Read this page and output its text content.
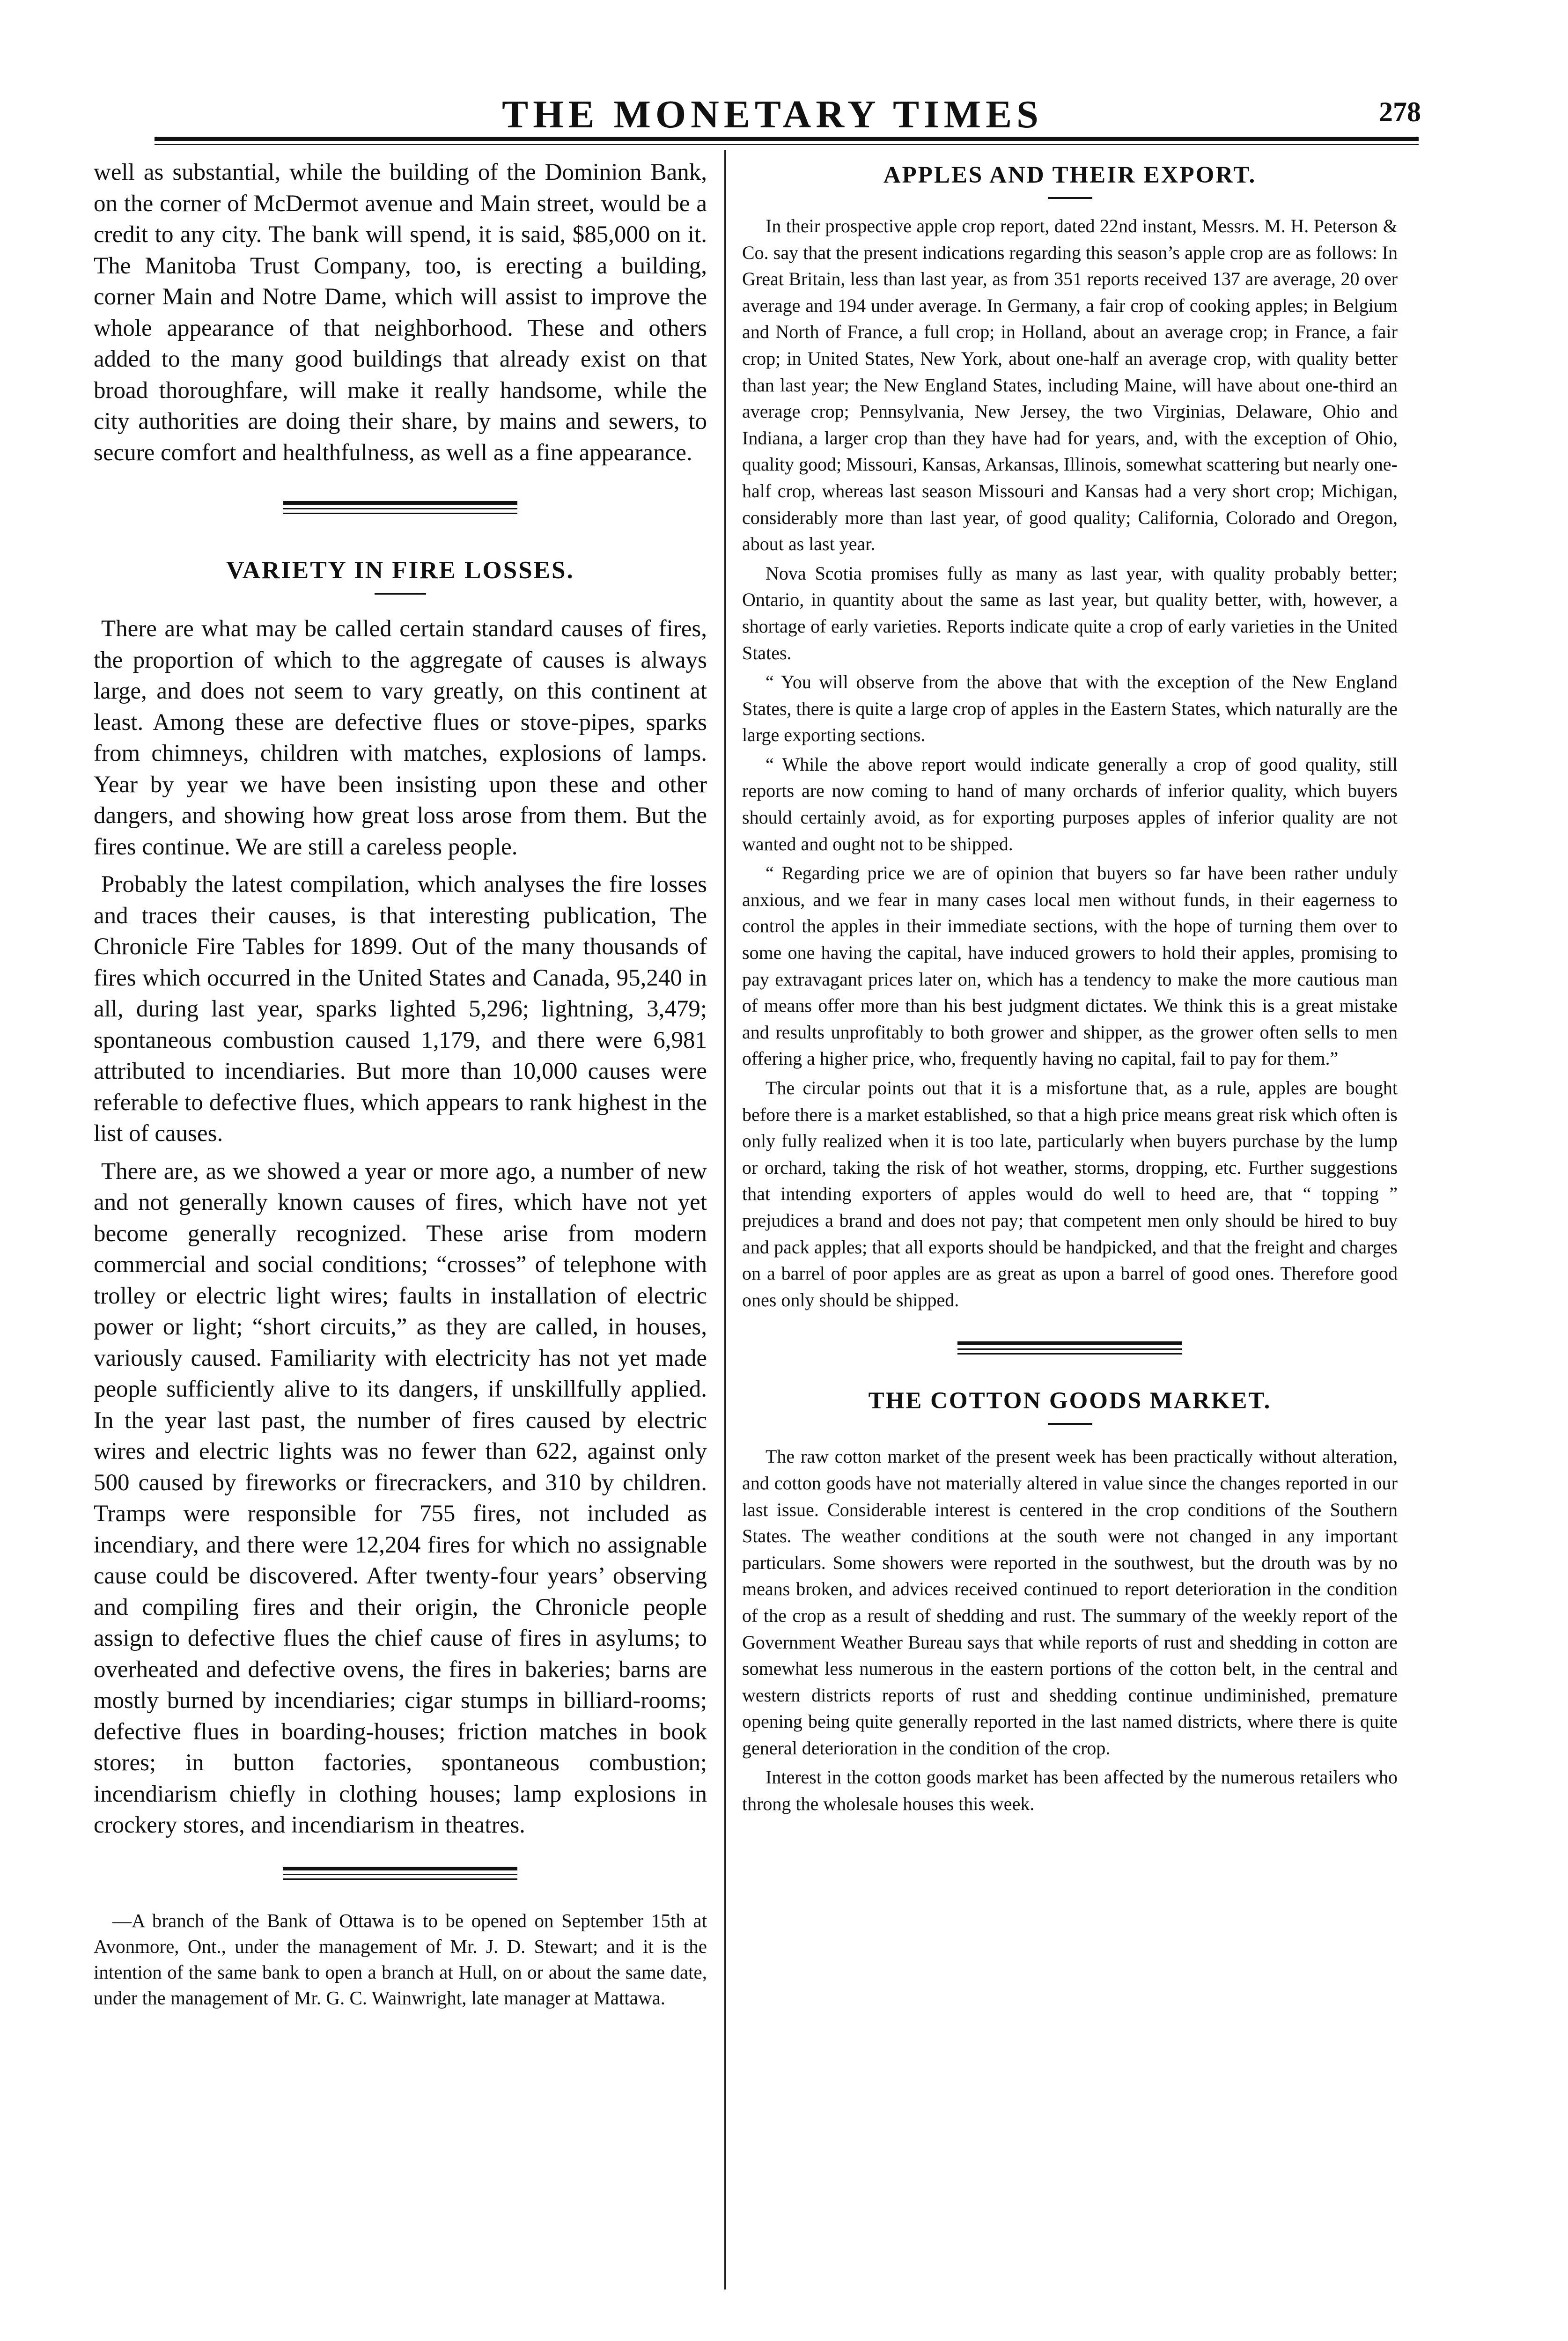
THE MONETARY TIMES	278

well as substantial, while the building of the Dominion Bank, on the corner of McDermot avenue and Main street, would be a credit to any city. The bank will spend, it is said, $85,000 on it. The Manitoba Trust Company, too, is erecting a building, corner Main and Notre Dame, which will assist to improve the whole appearance of that neighborhood. These and others added to the many good buildings that already exist on that broad thoroughfare, will make it really handsome, while the city authorities are doing their share, by mains and sewers, to secure comfort and healthfulness, as well as a fine appearance.

VARIETY IN FIRE LOSSES.

There are what may be called certain standard causes of fires, the proportion of which to the aggregate of causes is always large, and does not seem to vary greatly, on this continent at least. Among these are defective flues or stove-pipes, sparks from chimneys, children with matches, explosions of lamps. Year by year we have been insisting upon these and other dangers, and showing how great loss arose from them. But the fires continue. We are still a careless people.

Probably the latest compilation, which analyses the fire losses and traces their causes, is that interesting publication, The Chronicle Fire Tables for 1899. Out of the many thousands of fires which occurred in the United States and Canada, 95,240 in all, during last year, sparks lighted 5,296; lightning, 3,479; spontaneous combustion caused 1,179, and there were 6,981 attributed to incendiaries. But more than 10,000 causes were referable to defective flues, which appears to rank highest in the list of causes.

There are, as we showed a year or more ago, a number of new and not generally known causes of fires, which have not yet become generally recognized. These arise from modern commercial and social conditions; “crosses” of telephone with trolley or electric light wires; faults in installation of electric power or light; “short circuits,” as they are called, in houses, variously caused. Familiarity with electricity has not yet made people sufficiently alive to its dangers, if unskillfully applied. In the year last past, the number of fires caused by electric wires and electric lights was no fewer than 622, against only 500 caused by fireworks or firecrackers, and 310 by children. Tramps were responsible for 755 fires, not included as incendiary, and there were 12,204 fires for which no assignable cause could be discovered. After twenty-four years’ observing and compiling fires and their origin, the Chronicle people assign to defective flues the chief cause of fires in asylums; to overheated and defective ovens, the fires in bakeries; barns are mostly burned by incendiaries; cigar stumps in billiard-rooms; defective flues in boarding-houses; friction matches in book stores; in button factories, spontaneous combustion; incendiarism chiefly in clothing houses; lamp explosions in crockery stores, and incendiarism in theatres.

—A branch of the Bank of Ottawa is to be opened on September 15th at Avonmore, Ont., under the management of Mr. J. D. Stewart; and it is the intention of the same bank to open a branch at Hull, on or about the same date, under the management of Mr. G. C. Wainwright, late manager at Mattawa.

APPLES AND THEIR EXPORT.

In their prospective apple crop report, dated 22nd instant, Messrs. M. H. Peterson & Co. say that the present indications regarding this season’s apple crop are as follows: In Great Britain, less than last year, as from 351 reports received 137 are average, 20 over average and 194 under average. In Germany, a fair crop of cooking apples; in Belgium and North of France, a full crop; in Holland, about an average crop; in France, a fair crop; in United States, New York, about one-half an average crop, with quality better than last year; the New England States, including Maine, will have about one-third an average crop; Pennsylvania, New Jersey, the two Virginias, Delaware, Ohio and Indiana, a larger crop than they have had for years, and, with the exception of Ohio, quality good; Missouri, Kansas, Arkansas, Illinois, somewhat scattering but nearly one-half crop, whereas last season Missouri and Kansas had a very short crop; Michigan, considerably more than last year, of good quality; California, Colorado and Oregon, about as last year.

Nova Scotia promises fully as many as last year, with quality probably better; Ontario, in quantity about the same as last year, but quality better, with, however, a shortage of early varieties. Reports indicate quite a crop of early varieties in the United States.

“ You will observe from the above that with the exception of the New England States, there is quite a large crop of apples in the Eastern States, which naturally are the large exporting sections.

“ While the above report would indicate generally a crop of good quality, still reports are now coming to hand of many orchards of inferior quality, which buyers should certainly avoid, as for exporting purposes apples of inferior quality are not wanted and ought not to be shipped.

“ Regarding price we are of opinion that buyers so far have been rather unduly anxious, and we fear in many cases local men without funds, in their eagerness to control the apples in their immediate sections, with the hope of turning them over to some one having the capital, have induced growers to hold their apples, promising to pay extravagant prices later on, which has a tendency to make the more cautious man of means offer more than his best judgment dictates. We think this is a great mistake and results unprofitably to both grower and shipper, as the grower often sells to men offering a higher price, who, frequently having no capital, fail to pay for them.”

The circular points out that it is a misfortune that, as a rule, apples are bought before there is a market established, so that a high price means great risk which often is only fully realized when it is too late, particularly when buyers purchase by the lump or orchard, taking the risk of hot weather, storms, dropping, etc. Further suggestions that intending exporters of apples would do well to heed are, that “ topping ” prejudices a brand and does not pay; that competent men only should be hired to buy and pack apples; that all exports should be handpicked, and that the freight and charges on a barrel of poor apples are as great as upon a barrel of good ones. Therefore good ones only should be shipped.

THE COTTON GOODS MARKET.

The raw cotton market of the present week has been practically without alteration, and cotton goods have not materially altered in value since the changes reported in our last issue. Considerable interest is centered in the crop conditions of the Southern States. The weather conditions at the south were not changed in any important particulars. Some showers were reported in the southwest, but the drouth was by no means broken, and advices received continued to report deterioration in the condition of the crop as a result of shedding and rust. The summary of the weekly report of the Government Weather Bureau says that while reports of rust and shedding in cotton are somewhat less numerous in the eastern portions of the cotton belt, in the central and western districts reports of rust and shedding continue undiminished, premature opening being quite generally reported in the last named districts, where there is quite general deterioration in the condition of the crop.

Interest in the cotton goods market has been affected by the numerous retailers who throng the wholesale houses this week.
